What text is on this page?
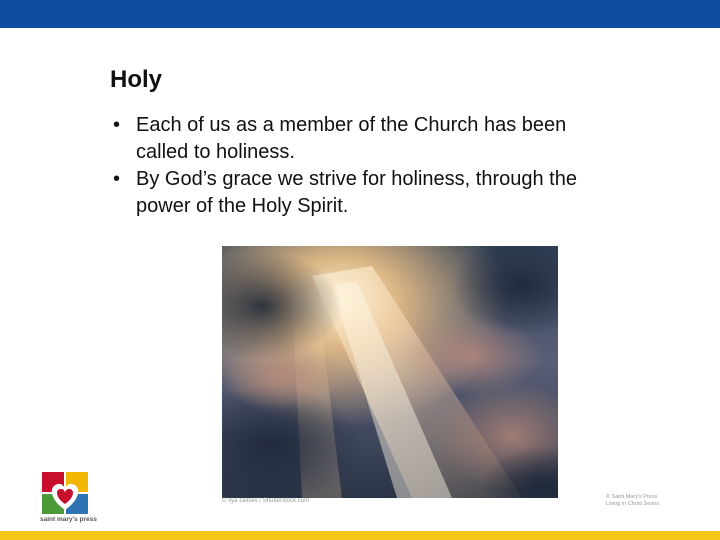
Holy
• Each of us as a member of the Church has been called to holiness.
• By God’s grace we strive for holiness, through the power of the Holy Spirit.
© Ilya zaitsev / Shutterstock.com
© Saint Mary’s Press
Living in Christ Series
saint mary's press
